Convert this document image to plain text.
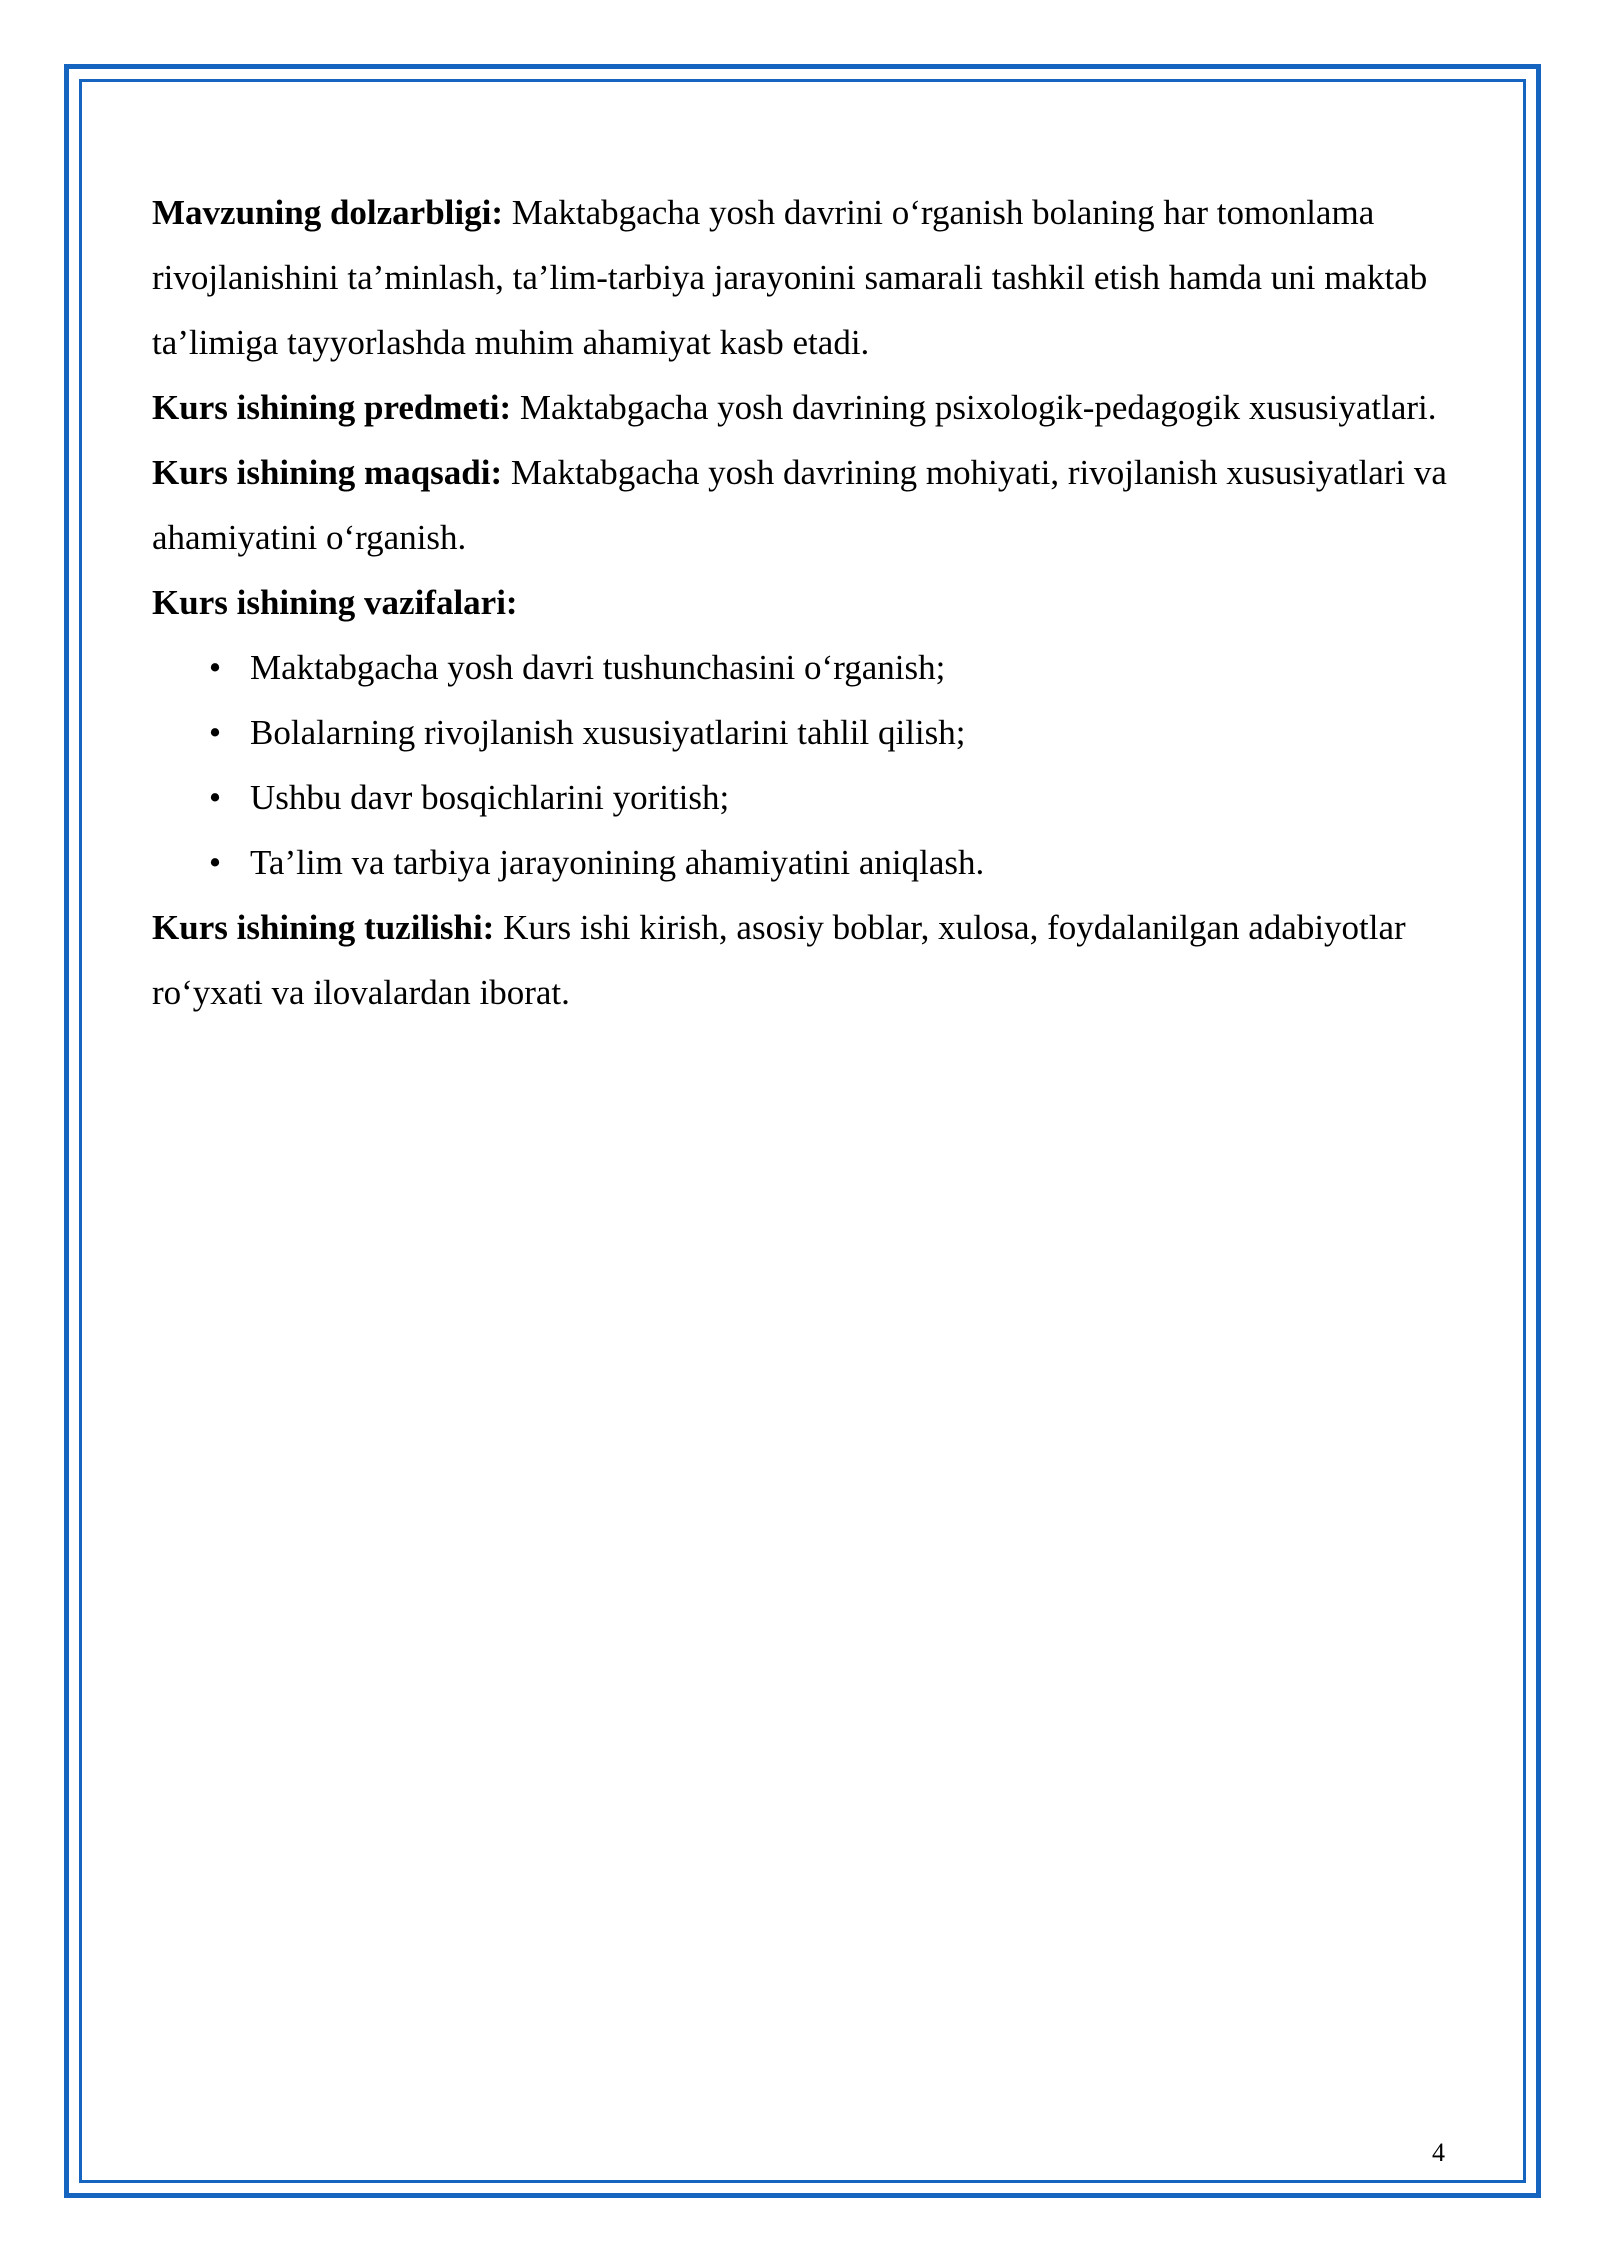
Mavzuning dolzarbligi: Maktabgacha yosh davrini o‘rganish bolaning har tomonlama rivojlanishini ta’minlash, ta’lim-tarbiya jarayonini samarali tashkil etish hamda uni maktab ta’limiga tayyorlashda muhim ahamiyat kasb etadi.

Kurs ishining predmeti: Maktabgacha yosh davrining psixologik-pedagogik xususiyatlari.

Kurs ishining maqsadi: Maktabgacha yosh davrining mohiyati, rivojlanish xususiyatlari va ahamiyatini o‘rganish.

Kurs ishining vazifalari:

• Maktabgacha yosh davri tushunchasini o‘rganish;
• Bolalarning rivojlanish xususiyatlarini tahlil qilish;
• Ushbu davr bosqichlarini yoritish;
• Ta’lim va tarbiya jarayonining ahamiyatini aniqlash.

Kurs ishining tuzilishi: Kurs ishi kirish, asosiy boblar, xulosa, foydalanilgan adabiyotlar ro‘yxati va ilovalardan iborat.

4
